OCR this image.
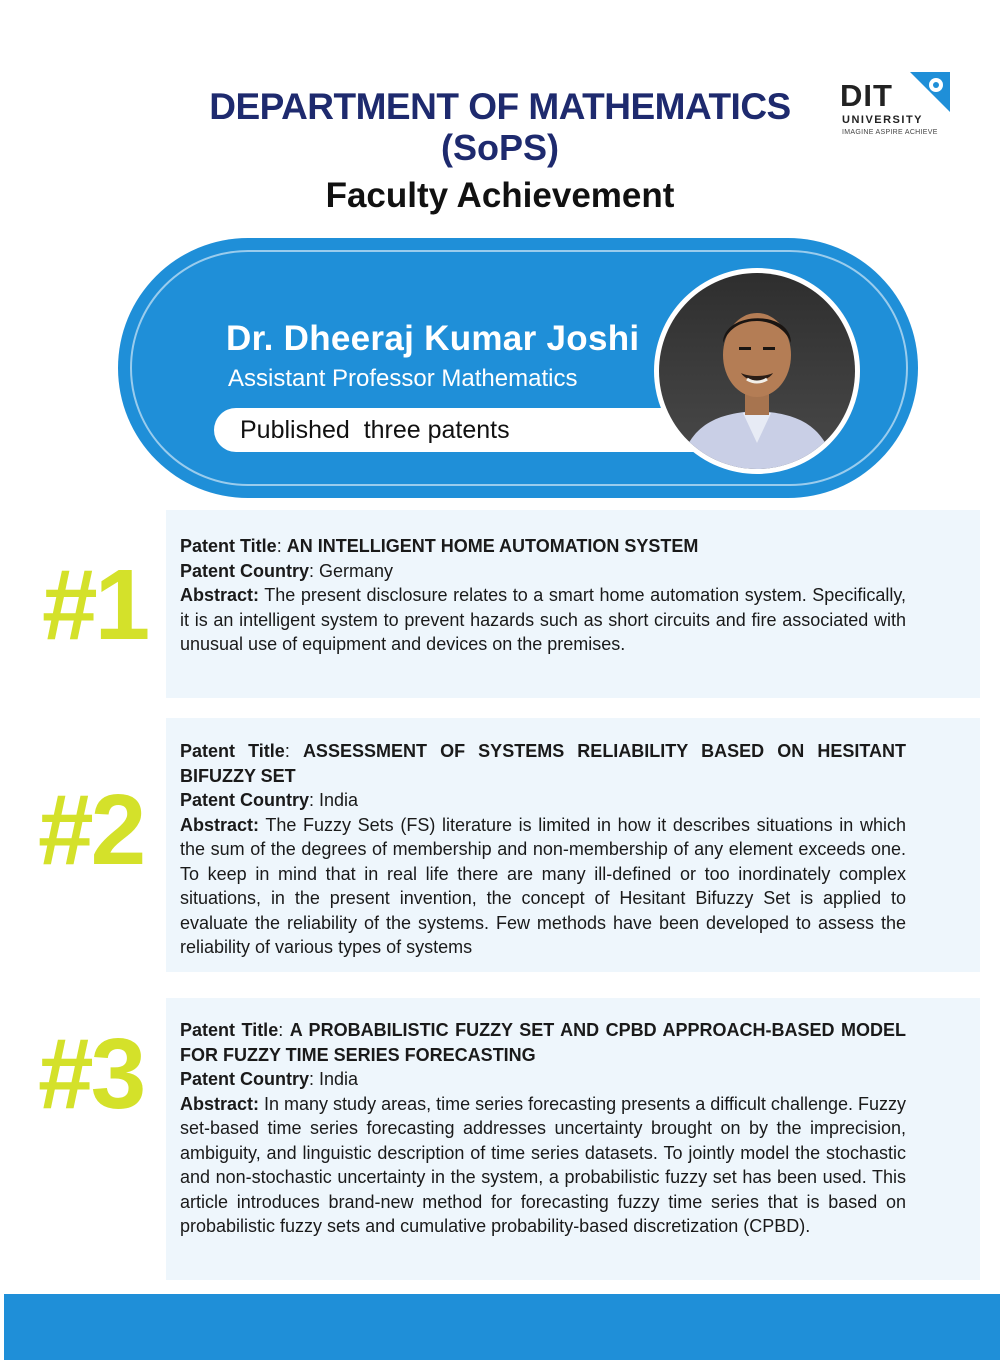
DEPARTMENT OF MATHEMATICS
(SoPS)
Faculty Achievement
DIT
UNIVERSITY
IMAGINE ASPIRE ACHIEVE
Dr. Dheeraj Kumar Joshi
Assistant Professor Mathematics
Published  three patents
#1
Patent Title: AN INTELLIGENT HOME AUTOMATION SYSTEM
Patent Country: Germany
Abstract: The present disclosure relates to a smart home automation system. Specifically, it is an intelligent system to prevent hazards such as short circuits and fire associated with unusual use of equipment and devices on the premises.
#2
Patent Title: ASSESSMENT OF SYSTEMS RELIABILITY BASED ON HESITANT BIFUZZY SET
Patent Country: India
Abstract: The Fuzzy Sets (FS) literature is limited in how it describes situations in which the sum of the degrees of membership and non-membership of any element exceeds one. To keep in mind that in real life there are many ill-defined or too inordinately complex situations, in the present invention, the concept of Hesitant Bifuzzy Set is applied to evaluate the reliability of the systems. Few methods have been developed to assess the reliability of various types of systems
#3 Patent Title: A PROBABILISTIC FUZZY SET AND CPBD APPROACH-BASED MODEL FOR FUZZY TIME SERIES FORECASTING
Patent Country: India
Abstract: In many study areas, time series forecasting presents a difficult challenge. Fuzzy set-based time series forecasting addresses uncertainty brought on by the imprecision, ambiguity, and linguistic description of time series datasets. To jointly model the stochastic and non-stochastic uncertainty in the system, a probabilistic fuzzy set has been used. This article introduces brand-new method for forecasting fuzzy time series that is based on probabilistic fuzzy sets and cumulative probability-based discretization (CPBD).
